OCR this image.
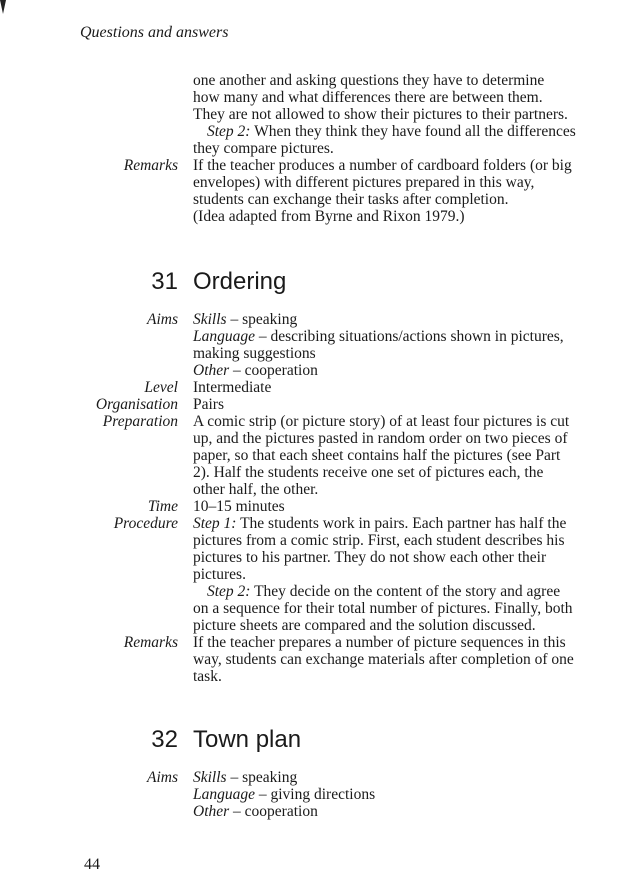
Questions and answers
one another and asking questions they have to determine
how many and what differences there are between them.
They are not allowed to show their pictures to their partners.
Step 2: When they think they have found all the differences
they compare pictures.
Remarks If the teacher produces a number of cardboard folders (or big
envelopes) with different pictures prepared in this way,
students can exchange their tasks after completion.
(Idea adapted from Byrne and Rixon 1979.)
31 Ordering
Aims Skills – speaking
Language – describing situations/actions shown in pictures,
making suggestions
Other – cooperation
Level Intermediate
Organisation Pairs
Preparation A comic strip (or picture story) of at least four pictures is cut
up, and the pictures pasted in random order on two pieces of
paper, so that each sheet contains half the pictures (see Part
2). Half the students receive one set of pictures each, the
other half, the other.
Time 10–15 minutes
Procedure Step 1: The students work in pairs. Each partner has half the
pictures from a comic strip. First, each student describes his
pictures to his partner. They do not show each other their
pictures.
Step 2: They decide on the content of the story and agree
on a sequence for their total number of pictures. Finally, both
picture sheets are compared and the solution discussed.
Remarks If the teacher prepares a number of picture sequences in this
way, students can exchange materials after completion of one
task.
32 Town plan
Aims Skills – speaking
Language – giving directions
Other – cooperation
44
